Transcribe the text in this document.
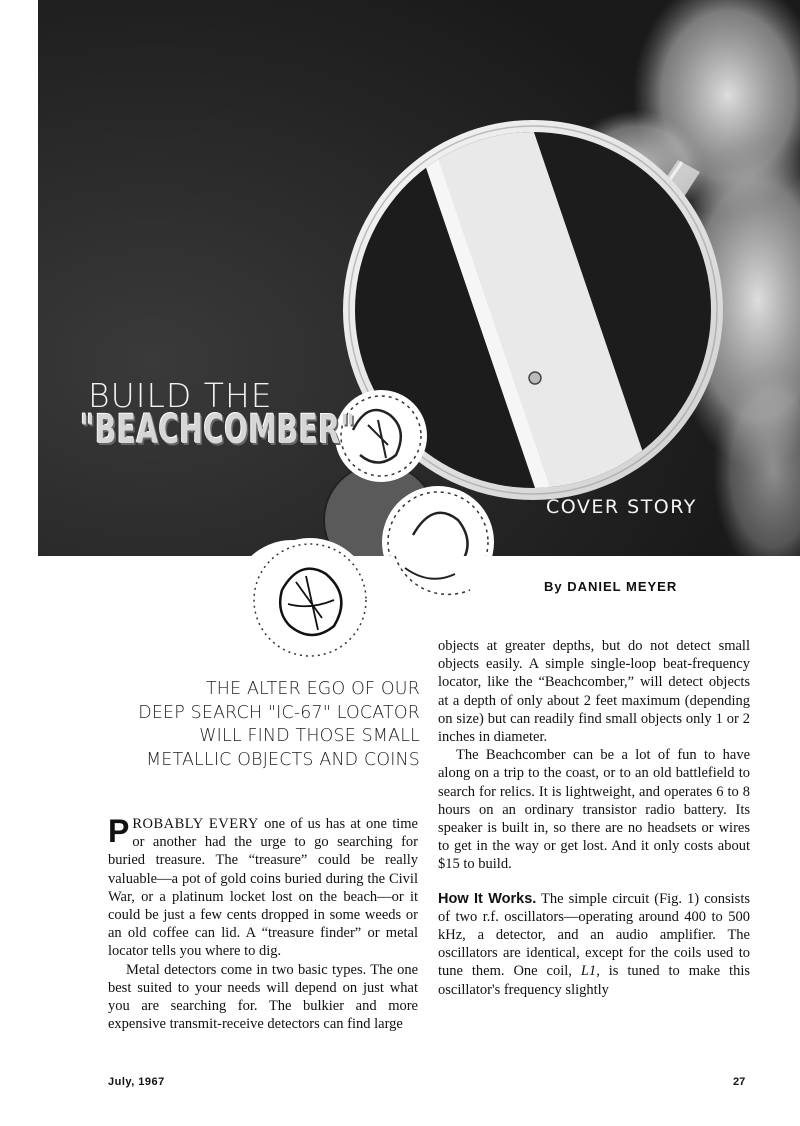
BUILD THE
"BEACHCOMBER"
COVER STORY
By DANIEL MEYER
THE ALTER EGO OF OUR
DEEP SEARCH "IC-67" LOCATOR
WILL FIND THOSE SMALL
METALLIC OBJECTS AND COINS

PROBABLY EVERY one of us has at one time or another had the urge to go searching for buried treasure. The “treasure” could be really valuable—a pot of gold coins buried during the Civil War, or a platinum locket lost on the beach—or it could be just a few cents dropped in some weeds or an old coffee can lid. A “treasure finder” or metal locator tells you where to dig.

Metal detectors come in two basic types. The one best suited to your needs will depend on just what you are searching for. The bulkier and more expensive transmit-receive detectors can find large

objects at greater depths, but do not detect small objects easily. A simple single-loop beat-frequency locator, like the “Beachcomber,” will detect objects at a depth of only about 2 feet maximum (depending on size) but can readily find small objects only 1 or 2 inches in diameter.

The Beachcomber can be a lot of fun to have along on a trip to the coast, or to an old battlefield to search for relics. It is lightweight, and operates 6 to 8 hours on an ordinary transistor radio battery. Its speaker is built in, so there are no headsets or wires to get in the way or get lost. And it only costs about $15 to build.

How It Works. The simple circuit (Fig. 1) consists of two r.f. oscillators—operating around 400 to 500 kHz, a detector, and an audio amplifier. The oscillators are identical, except for the coils used to tune them. One coil, L1, is tuned to make this oscillator's frequency slightly

July, 1967	27
